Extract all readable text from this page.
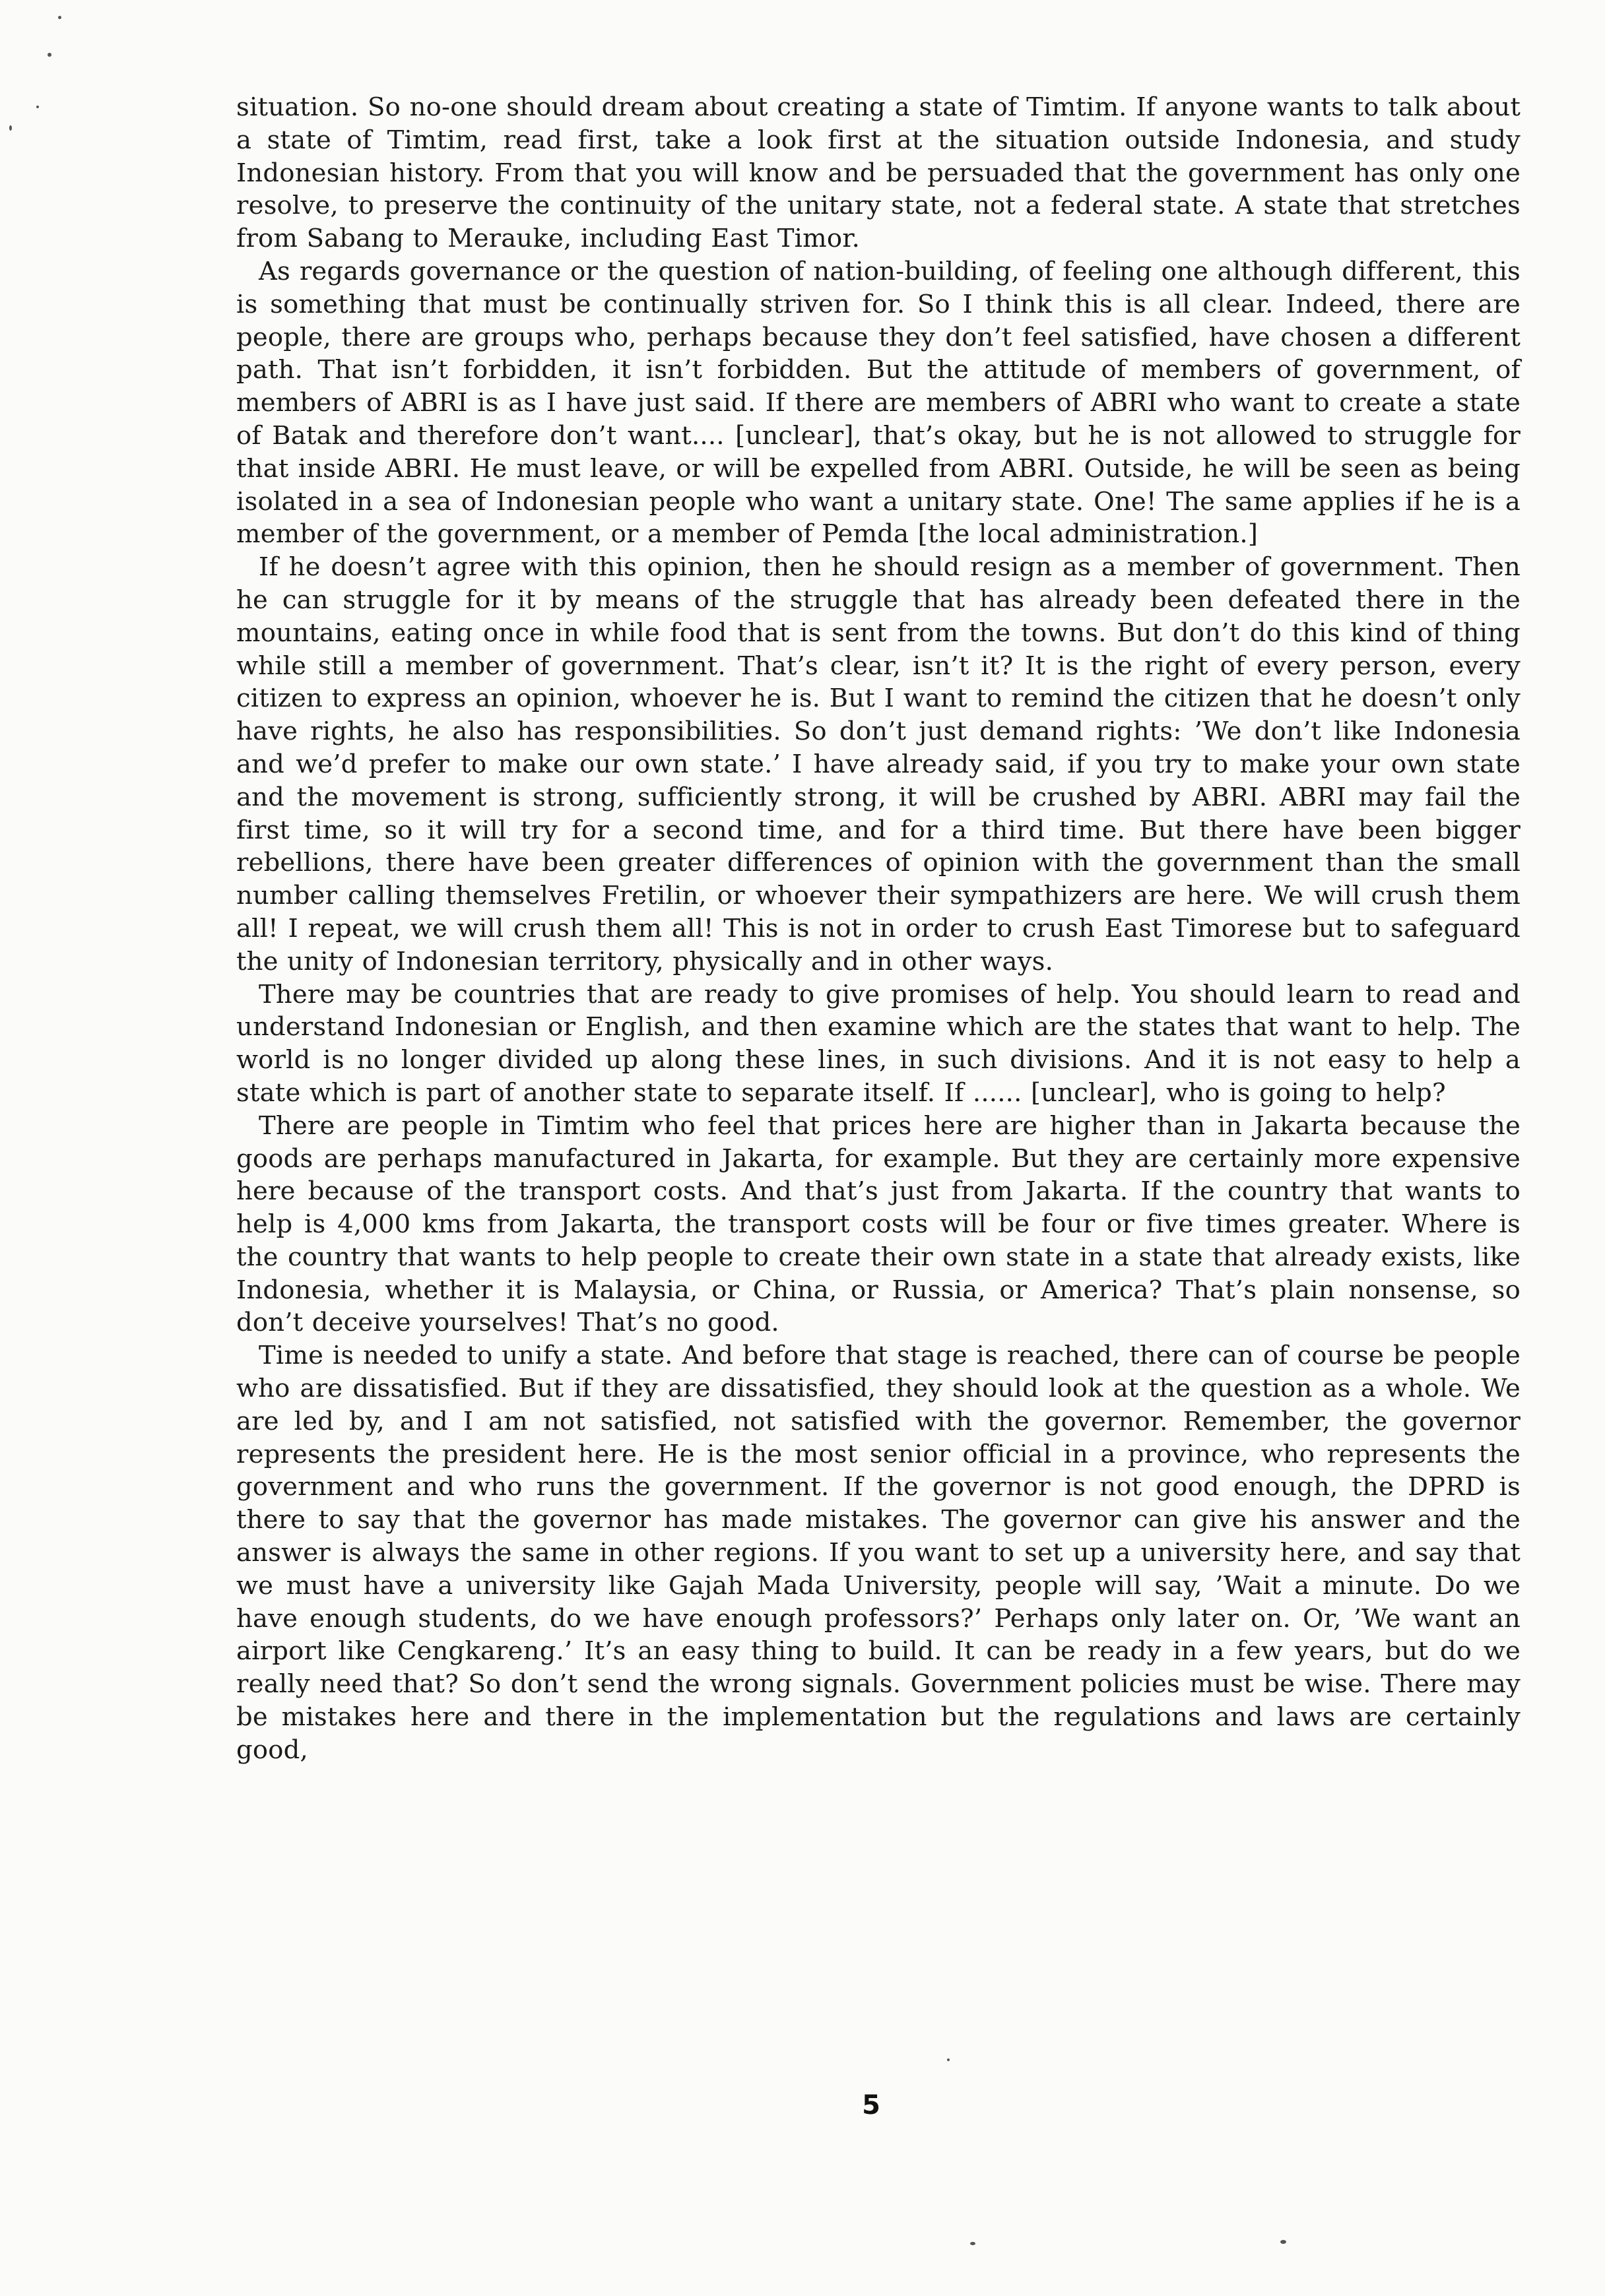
situation. So no-one should dream about creating a state of Timtim. If anyone wants to talk about a state of Timtim, read first, take a look first at the situation outside Indonesia, and study Indonesian history. From that you will know and be persuaded that the government has only one resolve, to preserve the continuity of the unitary state, not a federal state. A state that stretches from Sabang to Merauke, including East Timor.

As regards governance or the question of nation-building, of feeling one although different, this is something that must be continually striven for. So I think this is all clear. Indeed, there are people, there are groups who, perhaps because they don’t feel satisfied, have chosen a different path. That isn’t forbidden, it isn’t forbidden. But the attitude of members of government, of members of ABRI is as I have just said. If there are members of ABRI who want to create a state of Batak and therefore don’t want.... [unclear], that’s okay, but he is not allowed to struggle for that inside ABRI. He must leave, or will be expelled from ABRI. Outside, he will be seen as being isolated in a sea of Indonesian people who want a unitary state. One! The same applies if he is a member of the government, or a member of Pemda [the local administration.]

If he doesn’t agree with this opinion, then he should resign as a member of government. Then he can struggle for it by means of the struggle that has already been defeated there in the mountains, eating once in while food that is sent from the towns. But don’t do this kind of thing while still a member of government. That’s clear, isn’t it? It is the right of every person, every citizen to express an opinion, whoever he is. But I want to remind the citizen that he doesn’t only have rights, he also has responsibilities. So don’t just demand rights: ’We don’t like Indonesia and we’d prefer to make our own state.’ I have already said, if you try to make your own state and the movement is strong, sufficiently strong, it will be crushed by ABRI. ABRI may fail the first time, so it will try for a second time, and for a third time. But there have been bigger rebellions, there have been greater differences of opinion with the government than the small number calling themselves Fretilin, or whoever their sympathizers are here. We will crush them all! I repeat, we will crush them all! This is not in order to crush East Timorese but to safeguard the unity of Indonesian territory, physically and in other ways.

There may be countries that are ready to give promises of help. You should learn to read and understand Indonesian or English, and then examine which are the states that want to help. The world is no longer divided up along these lines, in such divisions. And it is not easy to help a state which is part of another state to separate itself. If ...... [unclear], who is going to help?

There are people in Timtim who feel that prices here are higher than in Jakarta because the goods are perhaps manufactured in Jakarta, for example. But they are certainly more expensive here because of the transport costs. And that’s just from Jakarta. If the country that wants to help is 4,000 kms from Jakarta, the transport costs will be four or five times greater. Where is the country that wants to help people to create their own state in a state that already exists, like Indonesia, whether it is Malaysia, or China, or Russia, or America? That’s plain nonsense, so don’t deceive yourselves! That’s no good.

Time is needed to unify a state. And before that stage is reached, there can of course be people who are dissatisfied. But if they are dissatisfied, they should look at the question as a whole. We are led by, and I am not satisfied, not satisfied with the governor. Remember, the governor represents the president here. He is the most senior official in a province, who represents the government and who runs the government. If the governor is not good enough, the DPRD is there to say that the governor has made mistakes. The governor can give his answer and the answer is always the same in other regions. If you want to set up a university here, and say that we must have a university like Gajah Mada University, people will say, ’Wait a minute. Do we have enough students, do we have enough professors?’ Perhaps only later on. Or, ’We want an airport like Cengkareng.’ It’s an easy thing to build. It can be ready in a few years, but do we really need that? So don’t send the wrong signals. Government policies must be wise. There may be mistakes here and there in the implementation but the regulations and laws are certainly good,

5
